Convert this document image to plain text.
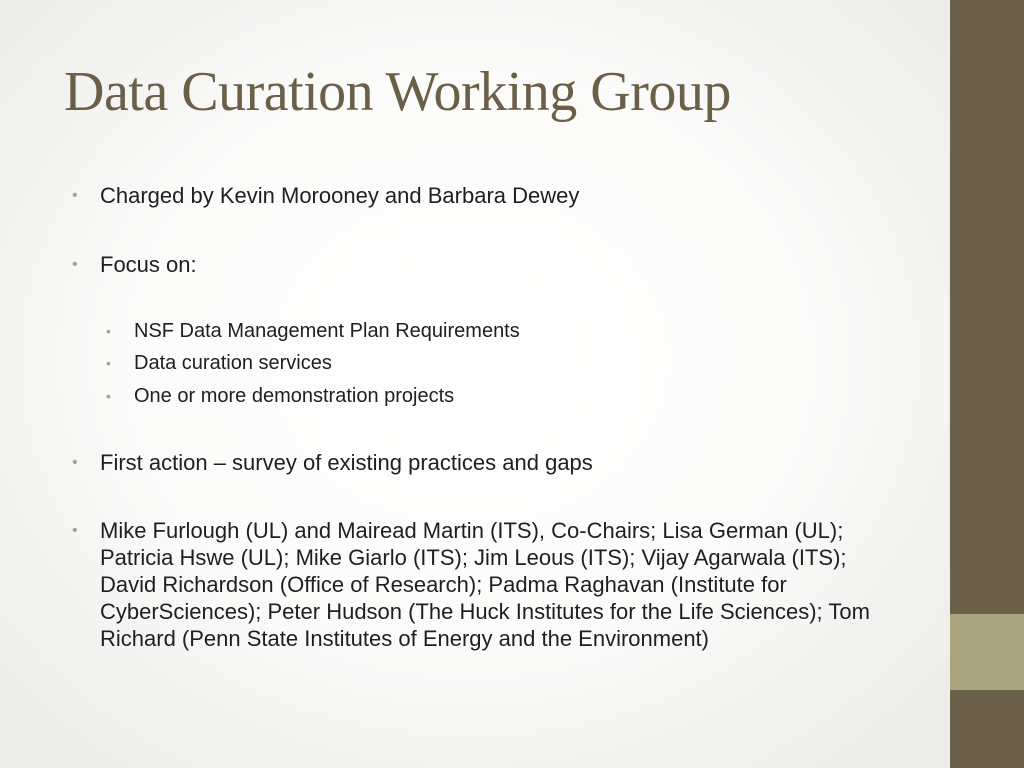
Data Curation Working Group
•	Charged by Kevin Morooney and Barbara Dewey
•	Focus on:
•	NSF Data Management Plan Requirements
•	Data curation services
•	One or more demonstration projects
•	First action – survey of existing practices and gaps
•	Mike Furlough (UL) and Mairead Martin (ITS), Co-Chairs; Lisa German (UL); Patricia Hswe (UL); Mike Giarlo (ITS); Jim Leous (ITS); Vijay Agarwala (ITS); David Richardson (Office of Research); Padma Raghavan (Institute for CyberSciences); Peter Hudson (The Huck Institutes for the Life Sciences); Tom Richard (Penn State Institutes of Energy and the Environment)
